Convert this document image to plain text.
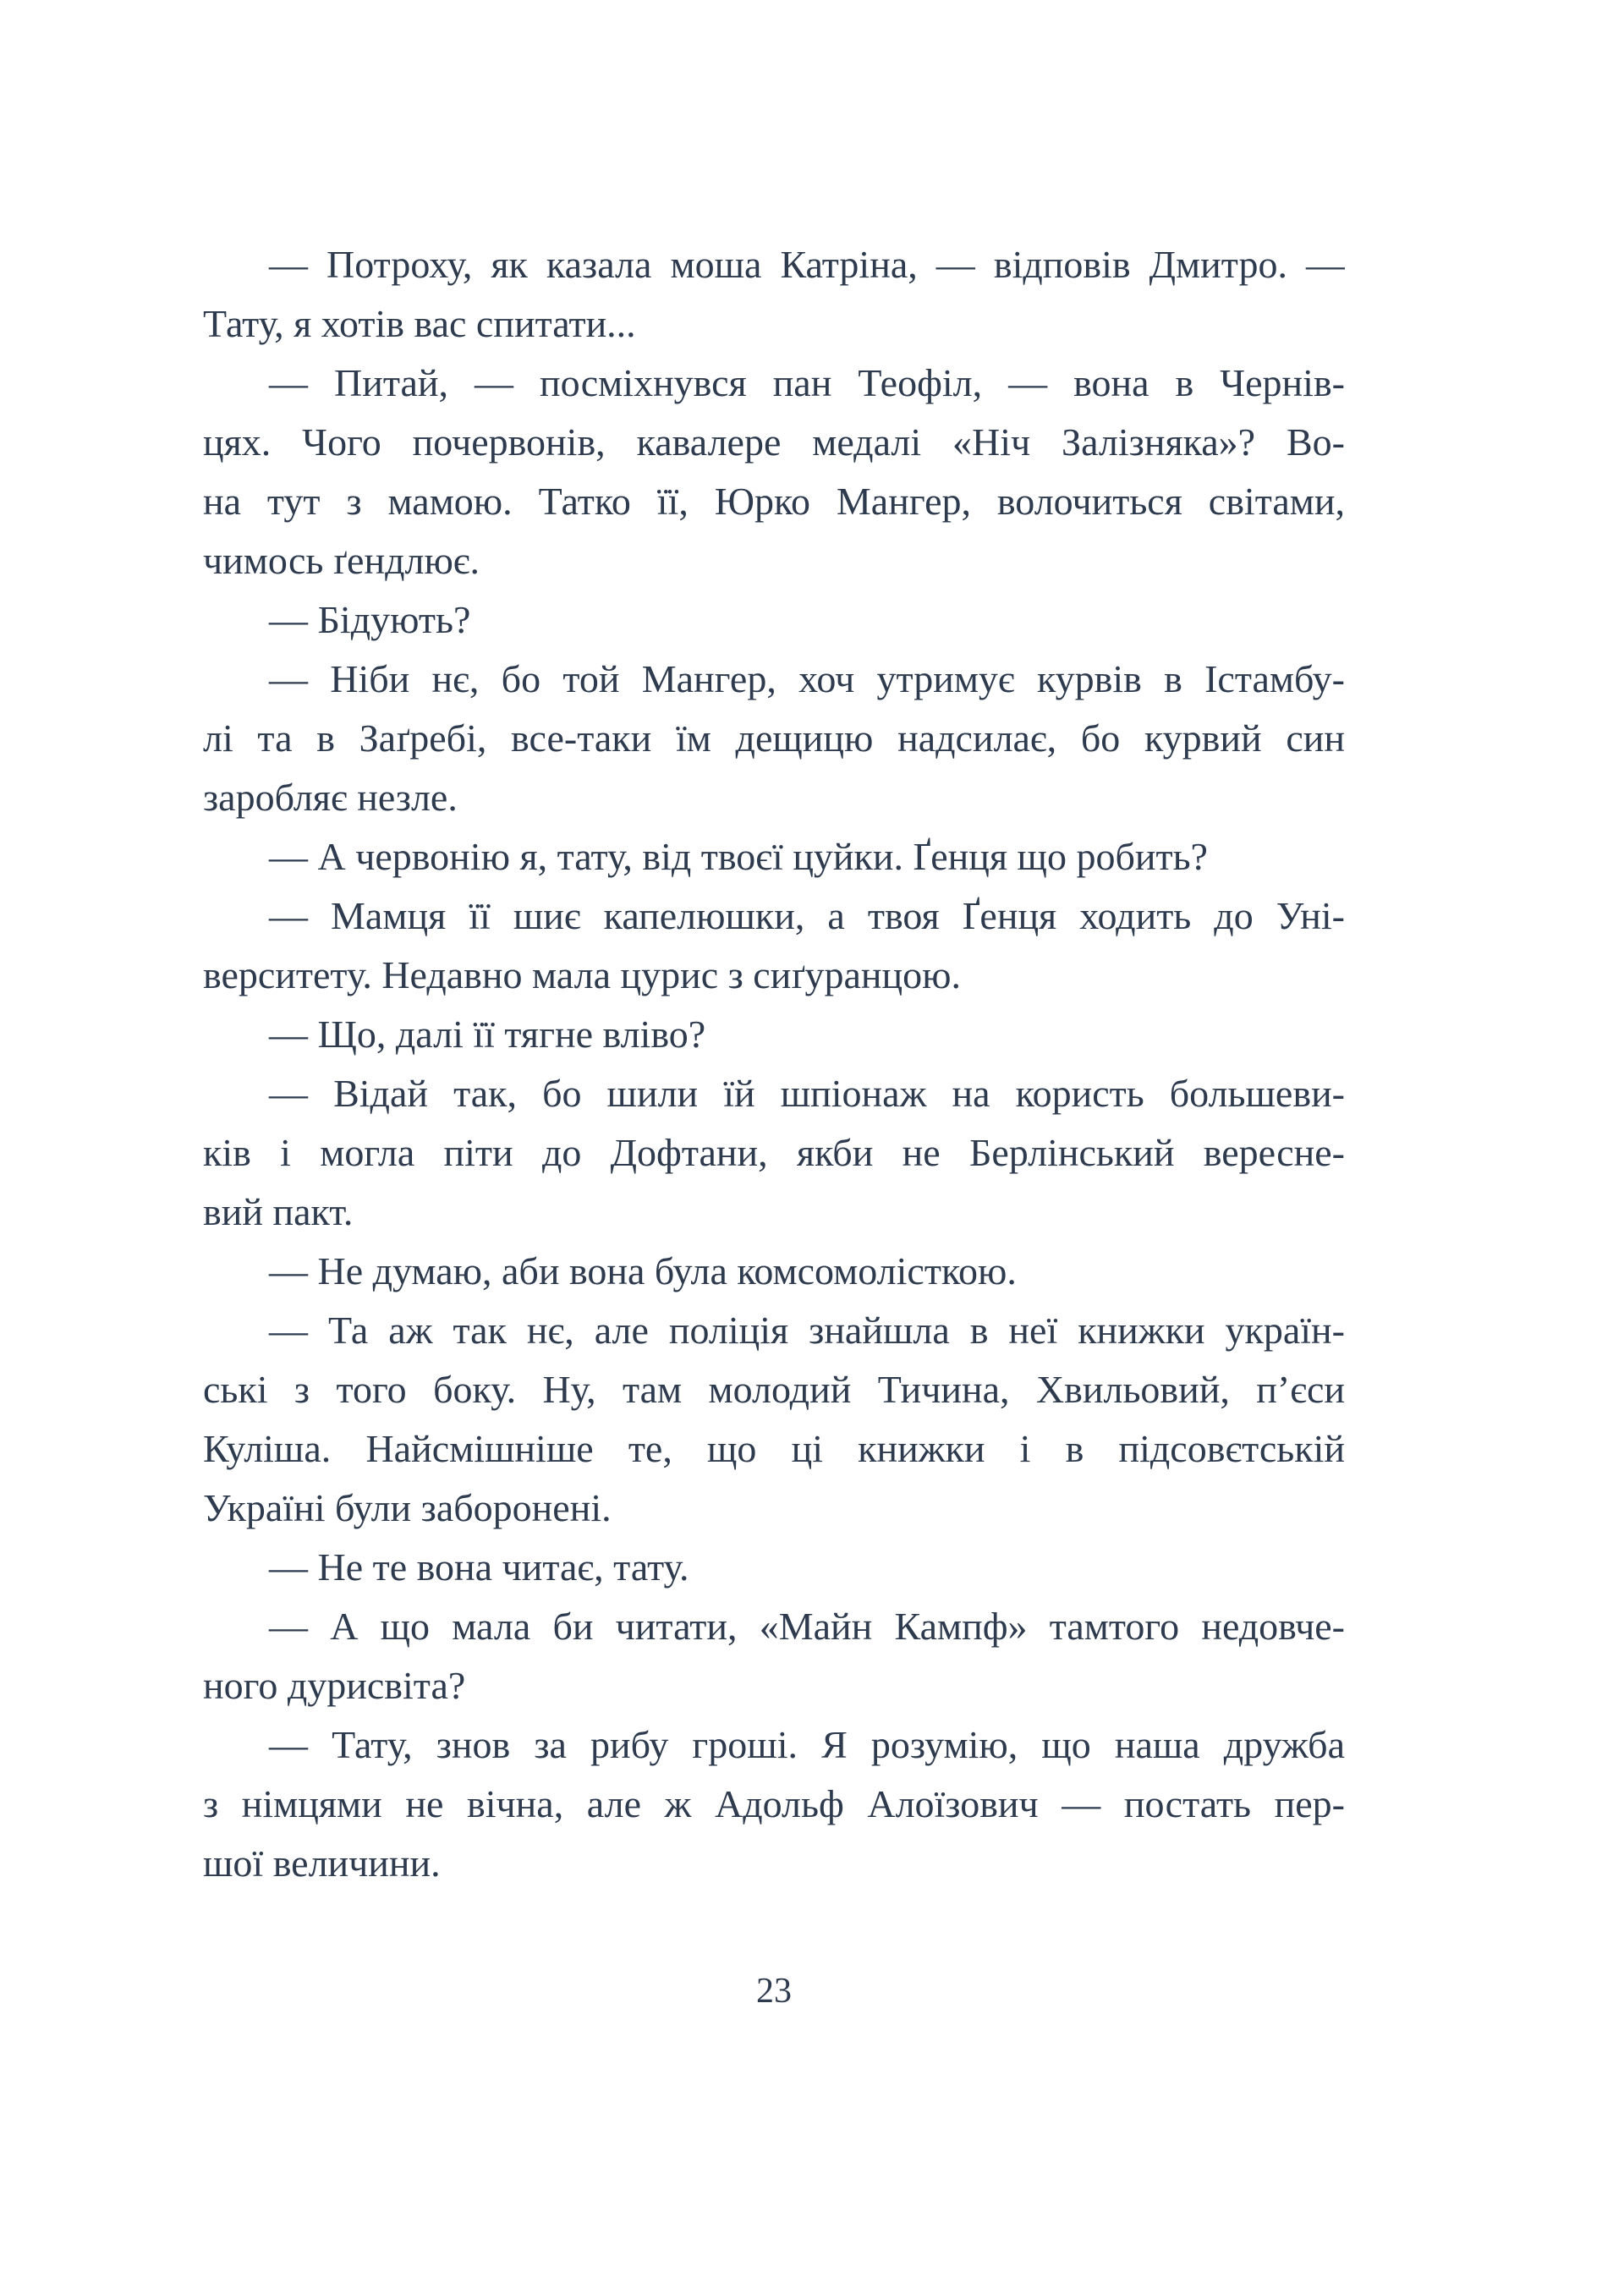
— Потроху, як казала моша Катріна, — відповів Дмитро. —
Тату, я хотів вас спитати...
— Питай, — посміхнувся пан Теофіл, — вона в Чернів-
цях. Чого почервонів, кавалере медалі «Ніч Залізняка»? Во-
на тут з мамою. Татко її, Юрко Мангер, волочиться світами,
чимось ґендлює.
— Бідують?
— Ніби нє, бо той Мангер, хоч утримує курвів в Істамбу-
лі та в Заґребі, все-таки їм дещицю надсилає, бо курвий син
заробляє незле.
— А червонію я, тату, від твоєї цуйки. Ґенця що робить?
— Мамця її шиє капелюшки, а твоя Ґенця ходить до Уні-
верситету. Недавно мала цурис з сиґуранцою.
— Що, далі її тягне вліво?
— Відай так, бо шили їй шпіонаж на користь большеви-
ків і могла піти до Дофтани, якби не Берлінський вересне-
вий пакт.
— Не думаю, аби вона була комсомолісткою.
— Та аж так нє, але поліція знайшла в неї книжки україн-
ські з того боку. Ну, там молодий Тичина, Хвильовий, п’єси
Куліша. Найсмішніше те, що ці книжки і в підсовєтській
Україні були заборонені.
— Не те вона читає, тату.
— А що мала би читати, «Майн Кампф» тамтого недовче-
ного дурисвіта?
— Тату, знов за рибу гроші. Я розумію, що наша дружба
з німцями не вічна, але ж Адольф Алоїзович — постать пер-
шої величини.
23
